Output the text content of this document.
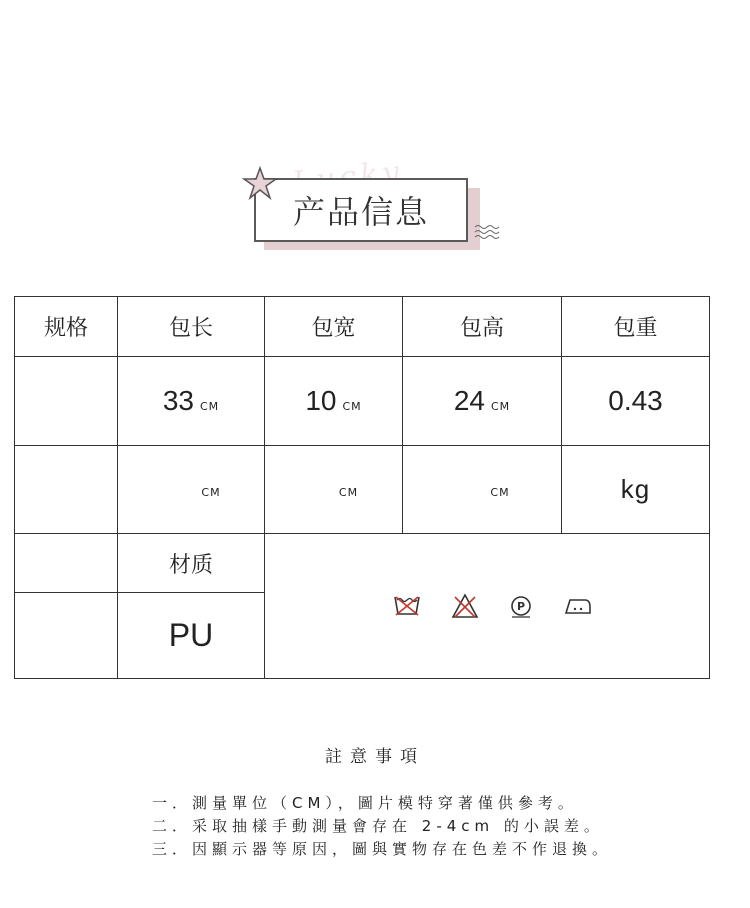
产品信息
规格	包长	包宽	包高	包重
	33 CM	10 CM	24 CM	0.43
	CM	CM	CM	kg
	材质	P		

	PU			
註意事項
一．測量單位（CM），圖片模特穿著僅供參考。
二．采取抽樣手動測量會存在 2-4cm 的小誤差。
三．因顯示器等原因，圖與實物存在色差不作退換。
